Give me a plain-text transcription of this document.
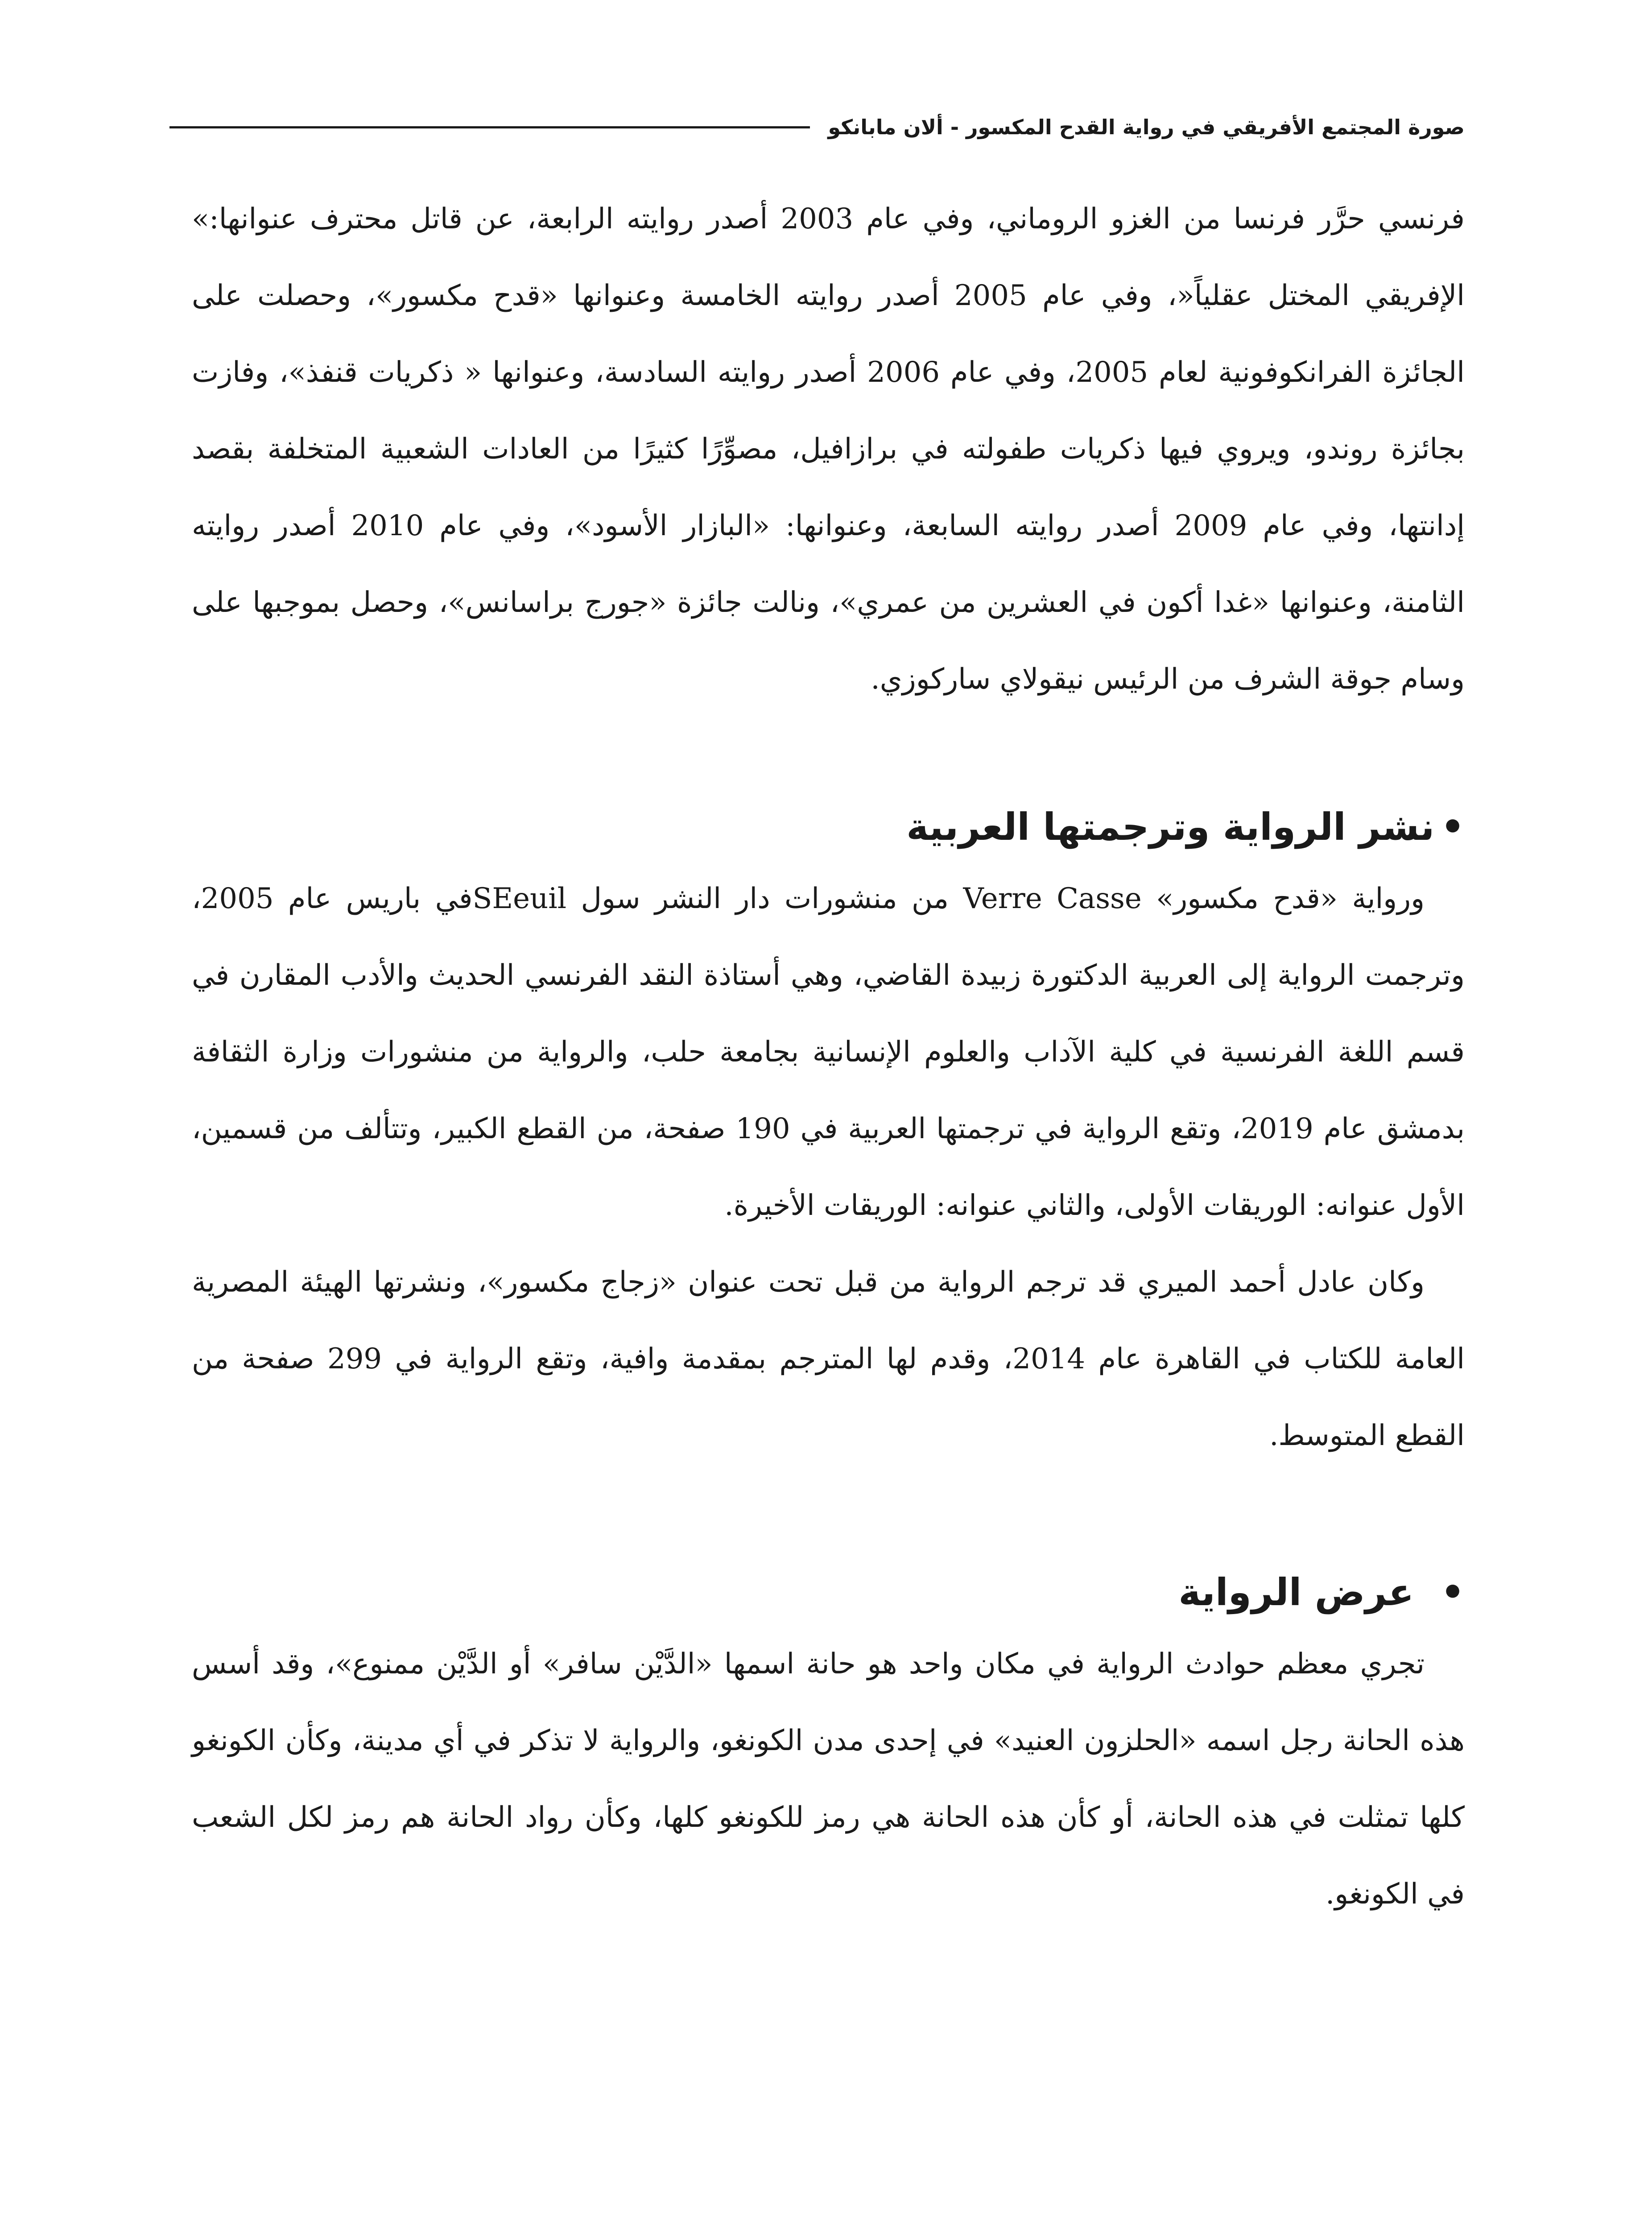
صورة المجتمع الأفريقي في رواية القدح المكسور - ألان مابانكو

فرنسي حرَّر فرنسا من الغزو الروماني، وفي عام 2003 أصدر روايته الرابعة، عن قاتل محترف عنوانها:» الإفريقي المختل عقلياً«، وفي عام 2005 أصدر روايته الخامسة وعنوانها «قدح مكسور»، وحصلت على الجائزة الفرانكوفونية لعام 2005، وفي عام 2006 أصدر روايته السادسة، وعنوانها « ذكريات قنفذ»، وفازت بجائزة روندو، ويروي فيها ذكريات طفولته في برازافيل، مصوِّرًا كثيرًا من العادات الشعبية المتخلفة بقصد إدانتها، وفي عام 2009 أصدر روايته السابعة، وعنوانها: «البازار الأسود»، وفي عام 2010 أصدر روايته الثامنة، وعنوانها «غدا أكون في العشرين من عمري»، ونالت جائزة «جورج براسانس»، وحصل بموجبها على وسام جوقة الشرف من الرئيس نيقولاي ساركوزي.

•
نشر الرواية وترجمتها العربية

ورواية «قدح مكسور» Verre Casse من منشورات دار النشر سول SEeuilفي باريس عام 2005، وترجمت الرواية إلى العربية الدكتورة زبيدة القاضي، وهي أستاذة النقد الفرنسي الحديث والأدب المقارن في قسم اللغة الفرنسية في كلية الآداب والعلوم الإنسانية بجامعة حلب، والرواية من منشورات وزارة الثقافة بدمشق عام 2019، وتقع الرواية في ترجمتها العربية في 190 صفحة، من القطع الكبير، وتتألف من قسمين، الأول عنوانه: الوريقات الأولى، والثاني عنوانه: الوريقات الأخيرة.

وكان عادل أحمد الميري قد ترجم الرواية من قبل تحت عنوان «زجاج مكسور»، ونشرتها الهيئة المصرية العامة للكتاب في القاهرة عام 2014، وقدم لها المترجم بمقدمة وافية، وتقع الرواية في 299 صفحة من القطع المتوسط.

•
عرض الرواية

تجري معظم حوادث الرواية في مكان واحد هو حانة اسمها «الدَّيْن سافر» أو الدَّيْن ممنوع»، وقد أسس هذه الحانة رجل اسمه «الحلزون العنيد» في إحدى مدن الكونغو، والرواية لا تذكر في أي مدينة، وكأن الكونغو كلها تمثلت في هذه الحانة، أو كأن هذه الحانة هي رمز للكونغو كلها، وكأن رواد الحانة هم رمز لكل الشعب في الكونغو.
